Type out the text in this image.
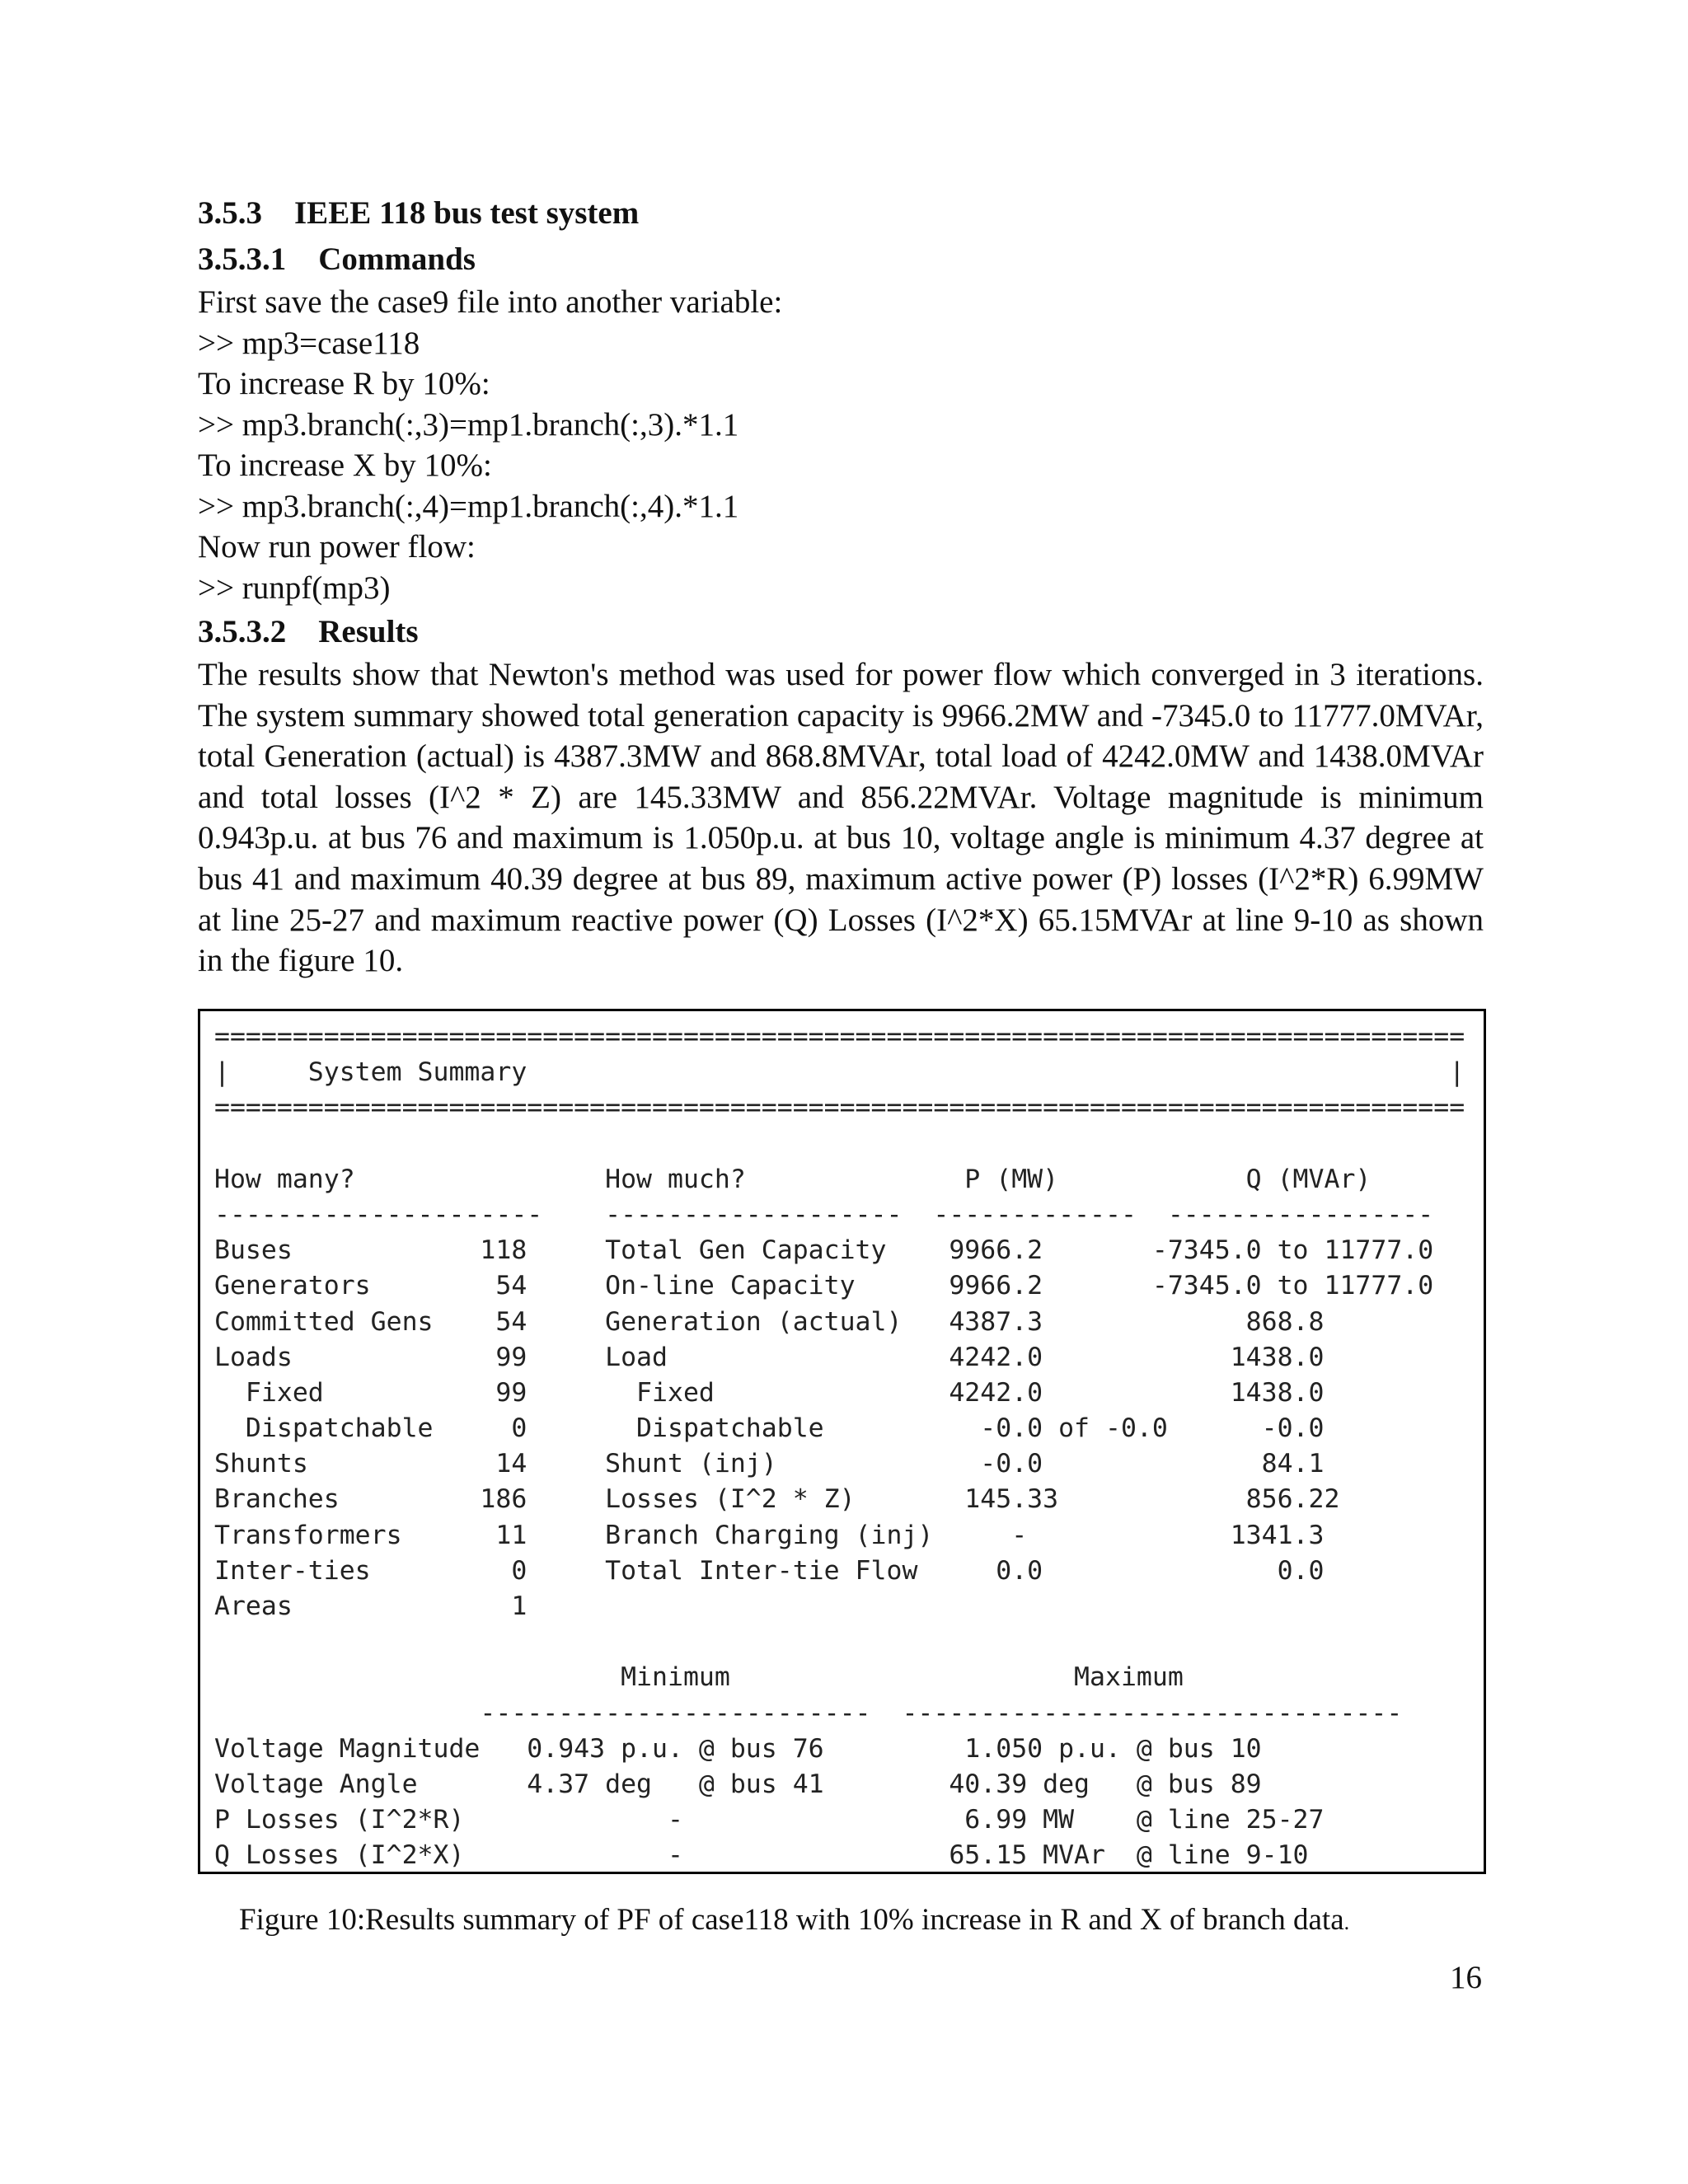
3.5.3    IEEE 118 bus test system

3.5.3.1    Commands

First save the case9 file into another variable:

>> mp3=case118

To increase R by 10%:

>> mp3.branch(:,3)=mp1.branch(:,3).*1.1

To increase X by 10%:

>> mp3.branch(:,4)=mp1.branch(:,4).*1.1

Now run power flow:

>> runpf(mp3)

3.5.3.2    Results

The results show that Newton's method was used for power flow which converged in 3 iterations. The system summary showed total generation capacity is 9966.2MW and -7345.0 to 11777.0MVAr, total Generation (actual) is 4387.3MW and 868.8MVAr, total load of 4242.0MW and 1438.0MVAr and total losses (I^2 * Z) are 145.33MW and 856.22MVAr. Voltage magnitude is minimum 0.943p.u. at bus 76 and maximum is 1.050p.u. at bus 10, voltage angle is minimum 4.37 degree at bus 41 and maximum 40.39 degree at bus 89, maximum active power (P) losses (I^2*R) 6.99MW at line 25-27 and maximum reactive power (Q) Losses (I^2*X) 65.15MVAr at line 9-10 as shown in the figure 10.

================================================================================
|     System Summary                                                           |
================================================================================
How many?                How much?              P (MW)            Q (MVAr)
---------------------    -------------------  -------------  -----------------
Buses            118     Total Gen Capacity    9966.2       -7345.0 to 11777.0
Generators        54     On-line Capacity      9966.2       -7345.0 to 11777.0
Committed Gens    54     Generation (actual)   4387.3             868.8
Loads             99     Load                  4242.0            1438.0
Fixed           99       Fixed               4242.0            1438.0
Dispatchable     0       Dispatchable          -0.0 of -0.0      -0.0
Shunts            14     Shunt (inj)             -0.0              84.1
Branches         186     Losses (I^2 * Z)       145.33            856.22
Transformers      11     Branch Charging (inj)     -             1341.3
Inter-ties         0     Total Inter-tie Flow     0.0               0.0
Areas              1
Minimum                      Maximum
-------------------------  --------------------------------
Voltage Magnitude   0.943 p.u. @ bus 76         1.050 p.u. @ bus 10
Voltage Angle       4.37 deg   @ bus 41        40.39 deg   @ bus 89
P Losses (I^2*R)             -                  6.99 MW    @ line 25-27
Q Losses (I^2*X)             -                 65.15 MVAr  @ line 9-10
Figure 10:Results summary of PF of case118 with 10% increase in R and X of branch data.
16
